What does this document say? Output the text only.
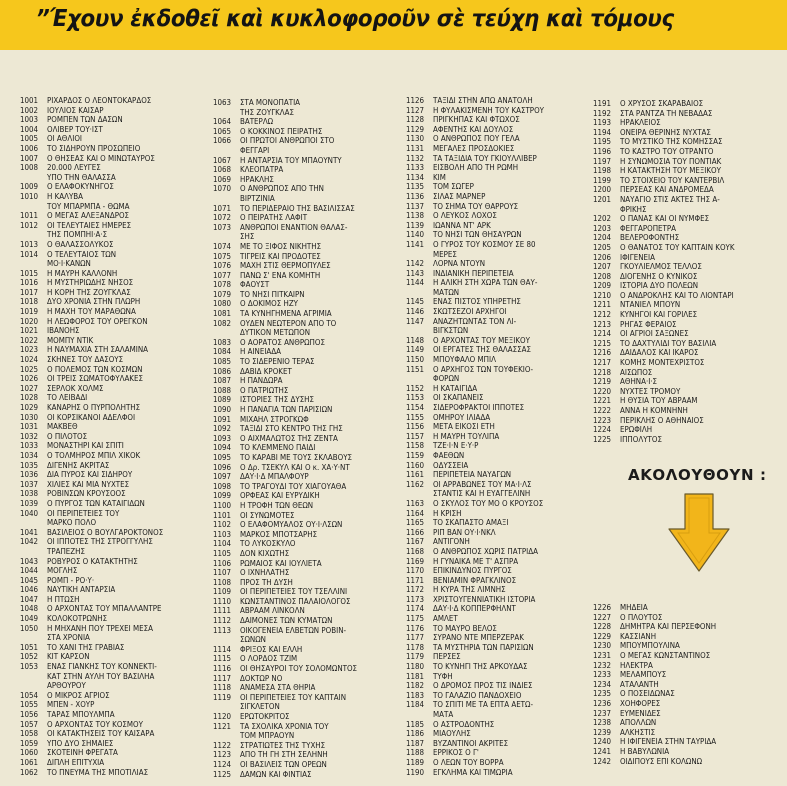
”Έχουν ἐκδοθεῖ καὶ κυκλοφοροῦν σὲ τεύχη καὶ τόμους
1001	ΡΙΧΑΡΔΟΣ Ο ΛΕΟΝΤΟΚΑΡΔΟΣ
1002	ΙΟΥΛΙΟΣ ΚΑΙΣΑΡ
1003	ΡΟΜΠΕΝ ΤΩΝ ΔΑΣΩΝ
1004	ΟΛΙΒΕΡ ΤΟΥ·ΙΣΤ
1005	ΟΙ ΑΘΛΙΟΙ
1006	ΤΟ ΣΙΔΗΡΟΥΝ ΠΡΟΣΩΠΕΙΟ
1007	Ο ΘΗΣΕΑΣ ΚΑΙ Ο ΜΙΝΩΤΑΥΡΟΣ
1008	20.000 ΛΕΥΓΕΣ
ΥΠΟ ΤΗΝ ΘΑΛΑΣΣΑ
1009	Ο ΕΛΑΦΟΚΥΝΗΓΟΣ
1010	Η ΚΑΛΥΒΑ
ΤΟΥ ΜΠΑΡΜΠΑ - ΘΩΜΑ
1011	Ο ΜΕΓΑΣ ΑΛΕΞΑΝΔΡΟΣ
1012	ΟΙ ΤΕΛΕΥΤΑΙΕΣ ΗΜΕΡΕΣ
ΤΗΣ ΠΟΜΠΗΙ·Α·Σ
1013	Ο ΘΑΛΑΣΣΟΛΥΚΟΣ
1014	Ο ΤΕΛΕΥΤΑΙΟΣ ΤΩΝ
ΜΟ·Ι·ΚΑΝΩΝ
1015	Η ΜΑΥΡΗ ΚΑΛΛΟΝΗ
1016	Η ΜΥΣΤΗΡΙΩΔΗΣ ΝΗΣΟΣ
1017	Η ΚΟΡΗ ΤΗΣ ΖΟΥΓΚΛΑΣ
1018	ΔΥΟ ΧΡΟΝΙΑ ΣΤΗΝ ΠΛΩΡΗ
1019	Η ΜΑΧΗ ΤΟΥ ΜΑΡΑΘΩΝΑ
1020	Η ΛΕΩΦΟΡΟΣ ΤΟΥ ΟΡΕΓΚΟΝ
1021	ΙΒΑΝΟΗΣ
1022	ΜΟΜΠΥ ΝΤΙΚ
1023	Η ΝΑΥΜΑΧΙΑ ΣΤΗ ΣΑΛΑΜΙΝΑ
1024	ΣΚΗΝΕΣ ΤΟΥ ΔΑΣΟΥΣ
1025	Ο ΠΟΛΕΜΟΣ ΤΩΝ ΚΟΣΜΩΝ
1026	ΟΙ ΤΡΕΙΣ ΣΩΜΑΤΟΦΥΛΑΚΕΣ
1027	ΣΕΡΛΟΚ ΧΟΛΜΣ
1028	ΤΟ ΛΕΙΒΑΔΙ
1029	ΚΑΝΑΡΗΣ Ο ΠΥΡΠΟΛΗΤΗΣ
1030	ΟΙ ΚΟΡΣΙΚΑΝΟΙ ΑΔΕΛΦΟΙ
1031	ΜΑΚΒΕΘ
1032	Ο ΠΙΛΟΤΟΣ
1033	ΜΟΝΑΣΤΗΡΙ ΚΑΙ ΣΠΙΤΙ
1034	Ο ΤΟΛΜΗΡΟΣ ΜΠΙΛ ΧΙΚΟΚ
1035	ΔΙΓΕΝΗΣ ΑΚΡΙΤΑΣ
1036	ΔΙΑ ΠΥΡΟΣ ΚΑΙ ΣΙΔΗΡΟΥ
1037	ΧΙΛΙΕΣ ΚΑΙ ΜΙΑ ΝΥΧΤΕΣ
1038	ΡΟΒΙΝΣΩΝ ΚΡΟΥΣΟΟΣ
1039	Ο ΠΥΡΓΟΣ ΤΩΝ ΚΑΤΑΙΓΙΔΩΝ
1040	ΟΙ ΠΕΡΙΠΕΤΕΙΕΣ ΤΟΥ
ΜΑΡΚΟ ΠΟΛΟ
1041	ΒΑΣΙΛΕΙΟΣ Ο ΒΟΥΛΓΑΡΟΚΤΟΝΟΣ
1042	ΟΙ ΙΠΠΟΤΕΣ ΤΗΣ ΣΤΡΟΓΓΥΛΗΣ
ΤΡΑΠΕΖΗΣ
1043	ΡΟΒΥΡΟΣ Ο ΚΑΤΑΚΤΗΤΗΣ
1044	ΜΟΓΛΗΣ
1045	ΡΟΜΠ - ΡΟ·Υ·
1046	ΝΑΥΤΙΚΗ ΑΝΤΑΡΣΙΑ
1047	Η ΠΤΩΣΗ
1048	Ο ΑΡΧΟΝΤΑΣ ΤΟΥ ΜΠΑΛΛΑΝΤΡΕ
1049	ΚΟΛΟΚΟΤΡΩΝΗΣ
1050	Η ΜΗΧΑΝΗ ΠΟΥ ΤΡΕΧΕΙ ΜΕΣΑ
ΣΤΑ ΧΡΟΝΙΑ
1051	ΤΟ ΧΑΝΙ ΤΗΣ ΓΡΑΒΙΑΣ
1052	ΚΙΤ ΚΑΡΣΟΝ
1053	ΕΝΑΣ ΓΙΑΝΚΗΣ ΤΟΥ ΚΟΝΝΕΚΤΙ-
ΚΑΤ ΣΤΗΝ ΑΥΛΗ ΤΟΥ ΒΑΣΙΛΗΑ
ΑΡΘΟΥΡΟΥ
1054	Ο ΜΙΚΡΟΣ ΑΓΡΙΟΣ
1055	ΜΠΕΝ - ΧΟΥΡ
1056	ΤΑΡΑΣ ΜΠΟΥΛΜΠΑ
1057	Ο ΑΡΧΟΝΤΑΣ ΤΟΥ ΚΟΣΜΟΥ
1058	ΟΙ ΚΑΤΑΚΤΗΣΕΙΣ ΤΟΥ ΚΑΙΣΑΡΑ
1059	ΥΠΟ ΔΥΟ ΣΗΜΑΙΕΣ
1060	ΣΚΟΤΕΙΝΗ ΦΡΕΓΑΤΑ
1061	ΔΙΠΛΗ ΕΠΙΤΥΧΙΑ
1062	ΤΟ ΠΝΕΥΜΑ ΤΗΣ ΜΠΟΤΙΛΙΑΣ
1063	ΣΤΑ ΜΟΝΟΠΑΤΙΑ
ΤΗΣ ΖΟΥΓΚΛΑΣ
1064	ΒΑΤΕΡΛΩ
1065	Ο ΚΟΚΚΙΝΟΣ ΠΕΙΡΑΤΗΣ
1066	ΟΙ ΠΡΩΤΟΙ ΑΝΘΡΩΠΟΙ ΣΤΟ
ΦΕΓΓΑΡΙ
1067	Η ΑΝΤΑΡΣΙΑ ΤΟΥ ΜΠΑΟΥΝΤΥ
1068	ΚΛΕΟΠΑΤΡΑ
1069	ΗΡΑΚΛΗΣ
1070	Ο ΑΝΘΡΩΠΟΣ ΑΠΟ ΤΗΝ
ΒΙΡΤΖΙΝΙΑ
1071	ΤΟ ΠΕΡΙΔΕΡΑΙΟ ΤΗΣ ΒΑΣΙΛΙΣΣΑΣ
1072	Ο ΠΕΙΡΑΤΗΣ ΛΑΦΙΤ
1073	ΑΝΘΡΩΠΟΙ ΕΝΑΝΤΙΟΝ ΘΑΛΑΣ-
ΣΗΣ
1074	ΜΕ ΤΟ ΞΙΦΟΣ ΝΙΚΗΤΗΣ
1075	ΤΙΓΡΕΙΣ ΚΑΙ ΠΡΟΔΟΤΕΣ
1076	ΜΑΧΗ ΣΤΙΣ ΘΕΡΜΟΠΥΛΕΣ
1077	ΠΑΝΩ Σ' ΕΝΑ ΚΟΜΗΤΗ
1078	ΦΑΟΥΣΤ
1079	ΤΟ ΝΗΣΙ ΠΙΤΚΑΙΡΝ
1080	Ο ΔΟΚΙΜΟΣ ΗΖΥ
1081	ΤΑ ΚΥΝΗΓΗΜΕΝΑ ΑΓΡΙΜΙΑ
1082	ΟΥΔΕΝ ΝΕΩΤΕΡΟΝ ΑΠΟ ΤΟ
ΔΥΤΙΚΟΝ ΜΕΤΩΠΟΝ
1083	Ο ΑΟΡΑΤΟΣ ΑΝΘΡΩΠΟΣ
1084	Η ΑΙΝΕΙΑΔΑ
1085	ΤΟ ΣΙΔΕΡΕΝΙΟ ΤΕΡΑΣ
1086	ΔΑΒΙΔ ΚΡΟΚΕΤ
1087	Η ΠΑΝΔΩΡΑ
1088	Ο ΠΑΤΡΙΩΤΗΣ
1089	ΙΣΤΟΡΙΕΣ ΤΗΣ ΔΥΣΗΣ
1090	Η ΠΑΝΑΓΙΑ ΤΩΝ ΠΑΡΙΣΙΩΝ
1091	ΜΙΧΑΗΛ ΣΤΡΟΓΚΩΦ
1092	ΤΑΞΙΔΙ ΣΤΟ ΚΕΝΤΡΟ ΤΗΣ ΓΗΣ
1093	Ο ΑΙΧΜΑΛΩΤΟΣ ΤΗΣ ΖΕΝΤΑ
1094	ΤΟ ΚΛΕΜΜΕΝΟ ΠΑΙΔΙ
1095	ΤΟ ΚΑΡΑΒΙ ΜΕ ΤΟΥΣ ΣΚΛΑΒΟΥΣ
1096	Ο Δρ. ΤΣΕΚΥΛ ΚΑΙ Ο κ. ΧΑ·Υ·ΝΤ
1097	ΔΑΥ·Ι·Δ ΜΠΑΛΦΟΥΡ
1098	ΤΟ ΤΡΑΓΟΥΔΙ ΤΟΥ ΧΙΑΓΟΥΑΘΑ
1099	ΟΡΦΕΑΣ ΚΑΙ ΕΥΡΥΔΙΚΗ
1100	Η ΤΡΟΦΗ ΤΩΝ ΘΕΩΝ
1101	ΟΙ ΣΥΝΩΜΟΤΕΣ
1102	Ο ΕΛΑΦΟΜΥΑΛΟΣ ΟΥ·Ι·ΛΣΩΝ
1103	ΜΑΡΚΟΣ ΜΠΟΤΣΑΡΗΣ
1104	ΤΟ ΛΥΚΟΣΚΥΛΟ
1105	ΔΟΝ ΚΙΧΩΤΗΣ
1106	ΡΩΜΑΙΟΣ ΚΑΙ ΙΟΥΛΙΕΤΑ
1107	Ο ΙΧΝΗΛΑΤΗΣ
1108	ΠΡΟΣ ΤΗ ΔΥΣΗ
1109	ΟΙ ΠΕΡΙΠΕΤΕΙΕΣ ΤΟΥ ΤΣΕΛΛΙΝΙ
1110	ΚΩΝΣΤΑΝΤΙΝΟΣ ΠΑΛΑΙΟΛΟΓΟΣ
1111	ΑΒΡΑΑΜ ΛΙΝΚΟΛΝ
1112	ΔΑΙΜΟΝΕΣ ΤΩΝ ΚΥΜΑΤΩΝ
1113	ΟΙΚΟΓΕΝΕΙΑ ΕΛΒΕΤΩΝ ΡΟΒΙΝ-
ΣΩΝΩΝ
1114	ΦΡΙΞΟΣ ΚΑΙ ΕΛΛΗ
1115	Ο ΛΟΡΔΟΣ ΤΖΙΜ
1116	ΟΙ ΘΗΣΑΥΡΟΙ ΤΟΥ ΣΟΛΟΜΩΝΤΟΣ
1117	ΔΟΚΤΩΡ ΝΟ
1118	ΑΝΑΜΕΣΑ ΣΤΑ ΘΗΡΙΑ
1119	ΟΙ ΠΕΡΙΠΕΤΕΙΕΣ ΤΟΥ ΚΑΠΤΑΙΝ
ΣΙΓΚΛΕΤΟΝ
1120	ΕΡΩΤΟΚΡΙΤΟΣ
1121	ΤΑ ΣΧΟΛΙΚΑ ΧΡΟΝΙΑ ΤΟΥ
ΤΟΜ ΜΠΡΑΟΥΝ
1122	ΣΤΡΑΤΙΩΤΕΣ ΤΗΣ ΤΥΧΗΣ
1123	ΑΠΟ ΤΗ ΓΗ ΣΤΗ ΣΕΛΗΝΗ
1124	ΟΙ ΒΑΣΙΛΕΙΣ ΤΩΝ ΟΡΕΩΝ
1125	ΔΑΜΩΝ ΚΑΙ ΦΙΝΤΙΑΣ
1126	ΤΑΞΙΔΙ ΣΤΗΝ ΑΠΩ ΑΝΑΤΟΛΗ
1127	Η ΦΥΛΑΚΙΣΜΕΝΗ ΤΟΥ ΚΑΣΤΡΟΥ
1128	ΠΡΙΓΚΗΠΑΣ ΚΑΙ ΦΤΩΧΟΣ
1129	ΑΦΕΝΤΗΣ ΚΑΙ ΔΟΥΛΟΣ
1130	Ο ΑΝΘΡΩΠΟΣ ΠΟΥ ΓΕΛΑ
1131	ΜΕΓΑΛΕΣ ΠΡΟΣΔΟΚΙΕΣ
1132	ΤΑ ΤΑΞΙΔΙΑ ΤΟΥ ΓΚΙΟΥΛΛΙΒΕΡ
1133	ΕΙΣΒΟΛΗ ΑΠΟ ΤΗ ΡΩΜΗ
1134	ΚΙΜ
1135	ΤΟΜ ΣΩΓΕΡ
1136	ΣΙΛΑΣ ΜΑΡΝΕΡ
1137	ΤΟ ΣΗΜΑ ΤΟΥ ΘΑΡΡΟΥΣ
1138	Ο ΛΕΥΚΟΣ ΛΟΧΟΣ
1139	ΙΩΑΝΝΑ ΝΤ' ΑΡΚ
1140	ΤΟ ΝΗΣΙ ΤΩΝ ΘΗΣΑΥΡΩΝ
1141	Ο ΓΥΡΟΣ ΤΟΥ ΚΟΣΜΟΥ ΣΕ 80
ΜΕΡΕΣ
1142	ΛΟΡΝΑ ΝΤΟΥΝ
1143	ΙΝΔΙΑΝΙΚΗ ΠΕΡΙΠΕΤΕΙΑ
1144	Η ΑΛΙΚΗ ΣΤΗ ΧΩΡΑ ΤΩΝ ΘΑΥ-
ΜΑΤΩΝ
1145	ΕΝΑΣ ΠΙΣΤΟΣ ΥΠΗΡΕΤΗΣ
1146	ΣΚΩΤΣΕΖΟΙ ΑΡΧΗΓΟΙ
1147	ΑΝΑΖΗΤΩΝΤΑΣ ΤΟΝ ΛΙ-
ΒΙΓΚΣΤΩΝ
1148	Ο ΑΡΧΟΝΤΑΣ ΤΟΥ ΜΕΞΙΚΟΥ
1149	ΟΙ ΕΡΓΑΤΕΣ ΤΗΣ ΘΑΛΑΣΣΑΣ
1150	ΜΠΟΥΦΑΛΟ ΜΠΙΛ
1151	Ο ΑΡΧΗΓΟΣ ΤΩΝ ΤΟΥΦΕΚΙΟ-
ΦΟΡΩΝ
1152	Η ΚΑΤΑΙΓΙΔΑ
1153	ΟΙ ΣΚΑΠΑΝΕΙΣ
1154	ΣΙΔΕΡΟΦΡΑΚΤΟΙ ΙΠΠΟΤΕΣ
1155	ΟΜΗΡΟΥ ΙΛΙΑΔΑ
1156	ΜΕΤΑ ΕΙΚΟΣΙ ΕΤΗ
1157	Η ΜΑΥΡΗ ΤΟΥΛΙΠΑ
1158	ΤΖΕ·Ι·Ν Ε·Υ·Ρ
1159	ΦΑΕΘΩΝ
1160	ΟΔΥΣΣΕΙΑ
1161	ΠΕΡΙΠΕΤΕΙΑ ΝΑΥΑΓΩΝ
1162	ΟΙ ΑΡΡΑΒΩΝΕΣ ΤΟΥ ΜΑ·Ι·ΛΣ
ΣΤΑΝΤΙΣ ΚΑΙ Η ΕΥΑΓΓΕΛΙΝΗ
1163	Ο ΣΚΥΛΟΣ ΤΟΥ ΜΟ Ο ΚΡΟΥΣΟΣ
1164	Η ΚΡΙΣΗ
1165	ΤΟ ΣΚΑΠΑΣΤΟ ΑΜΑΞΙ
1166	ΡΙΠ ΒΑΝ ΟΥ·Ι·ΝΚΛ
1167	ΑΝΤΙΓΟΝΗ
1168	Ο ΑΝΘΡΩΠΟΣ ΧΩΡΙΣ ΠΑΤΡΙΔΑ
1169	Η ΓΥΝΑΙΚΑ ΜΕ Τ' ΑΣΠΡΑ
1170	ΕΠΙΚΙΝΔΥΝΟΣ ΠΥΡΓΟΣ
1171	ΒΕΝΙΑΜΙΝ ΦΡΑΓΚΛΙΝΟΣ
1172	Η ΚΥΡΑ ΤΗΣ ΛΙΜΝΗΣ
1173	ΧΡΙΣΤΟΥΓΕΝΝΙΑΤΙΚΗ ΙΣΤΟΡΙΑ
1174	ΔΑΥ·Ι·Δ ΚΟΠΠΕΡΦΗΛΝΤ
1175	ΑΜΛΕΤ
1176	ΤΟ ΜΑΥΡΟ ΒΕΛΟΣ
1177	ΣΥΡΑΝΟ ΝΤΕ ΜΠΕΡΖΕΡΑΚ
1178	ΤΑ ΜΥΣΤΗΡΙΑ ΤΩΝ ΠΑΡΙΣΙΩΝ
1179	ΠΕΡΣΕΣ
1180	ΤΟ ΚΥΝΗΓΙ ΤΗΣ ΑΡΚΟΥΔΑΣ
1181	ΤΥΦΗ
1182	Ο ΔΡΟΜΟΣ ΠΡΟΣ ΤΙΣ ΙΝΔΙΕΣ
1183	ΤΟ ΓΑΛΑΖΙΟ ΠΑΝΔΟΧΕΙΟ
1184	ΤΟ ΣΠΙΤΙ ΜΕ ΤΑ ΕΠΤΑ ΑΕΤΩ-
ΜΑΤΑ
1185	Ο ΑΣΤΡΟΔΟΝΤΗΣ
1186	ΜΙΑΟΥΛΗΣ
1187	ΒΥΖΑΝΤΙΝΟΙ ΑΚΡΙΤΕΣ
1188	ΕΡΡΙΚΟΣ Ο Γ'
1189	Ο ΛΕΩΝ ΤΟΥ ΒΟΡΡΑ
1190	ΕΓΚΛΗΜΑ ΚΑΙ ΤΙΜΩΡΙΑ
1191	Ο ΧΡΥΣΟΣ ΣΚΑΡΑΒΑΙΟΣ
1192	ΣΤΑ ΡΑΝΤΖΑ ΤΗ ΝΕΒΑΔΑΣ
1193	ΗΡΑΚΛΕΙΟΣ
1194	ΟΝΕΙΡΑ ΘΕΡΙΝΗΣ ΝΥΧΤΑΣ
1195	ΤΟ ΜΥΣΤΙΚΟ ΤΗΣ ΚΟΜΗΣΣΑΣ
1196	ΤΟ ΚΑΣΤΡΟ ΤΟΥ ΟΤΡΑΝΤΟ
1197	Η ΣΥΝΩΜΟΣΙΑ ΤΟΥ ΠΟΝΤΙΑΚ
1198	Η ΚΑΤΑΚΤΗΣΗ ΤΟΥ ΜΕΞΙΚΟΥ
1199	ΤΟ ΣΤΟΙΧΕΙΟ ΤΟΥ ΚΑΝΤΕΡΒΙΛ
1200	ΠΕΡΣΕΑΣ ΚΑΙ ΑΝΔΡΟΜΕΔΑ
1201	ΝΑΥΑΓΙΟ ΣΤΙΣ ΑΚΤΕΣ ΤΗΣ Α-
ΦΡΙΚΗΣ
1202	Ο ΠΑΝΑΣ ΚΑΙ ΟΙ ΝΥΜΦΕΣ
1203	ΦΕΓΓΑΡΟΠΕΤΡΑ
1204	ΒΕΛΕΡΟΦΟΝΤΗΣ
1205	Ο ΘΑΝΑΤΟΣ ΤΟΥ ΚΑΠΤΑΙΝ ΚΟΥΚ
1206	ΙΦΙΓΕΝΕΙΑ
1207	ΓΚΟΥΛΙΕΛΜΟΣ ΤΕΛΛΟΣ
1208	ΔΙΟΓΕΝΗΣ Ο ΚΥΝΙΚΟΣ
1209	ΙΣΤΟΡΙΑ ΔΥΟ ΠΟΛΕΩΝ
1210	Ο ΑΝΔΡΟΚΛΗΣ ΚΑΙ ΤΟ ΛΙΟΝΤΑΡΙ
1211	ΝΤΑΝΙΕΛ ΜΠΟΥΝ
1212	ΚΥΝΗΓΟΙ ΚΑΙ ΓΟΡΙΛΕΣ
1213	ΡΗΓΑΣ ΦΕΡΑΙΟΣ
1214	ΟΙ ΑΓΡΙΟΙ ΣΑΞΩΝΕΣ
1215	ΤΟ ΔΑΧΤΥΛΙΔΙ ΤΟΥ ΒΑΣΙΛΙΑ
1216	ΔΑΙΔΑΛΟΣ ΚΑΙ ΙΚΑΡΟΣ
1217	ΚΟΜΗΣ ΜΟΝΤΕΧΡΙΣΤΟΣ
1218	ΑΙΣΩΠΟΣ
1219	ΑΘΗΝΑ·Ι·Σ
1220	ΝΥΧΤΕΣ ΤΡΟΜΟΥ
1221	Η ΘΥΣΙΑ ΤΟΥ ΑΒΡΑΑΜ
1222	ΑΝΝΑ Η ΚΟΜΝΗΝΗ
1223	ΠΕΡΙΚΛΗΣ Ο ΑΘΗΝΑΙΟΣ
1224	ΕΡΩΦΙΛΗ
1225	ΙΠΠΟΛΥΤΟΣ
1226	ΜΗΔΕΙΑ
1227	Ο ΠΛΟΥΤΟΣ
1228	ΔΗΜΗΤΡΑ ΚΑΙ ΠΕΡΣΕΦΟΝΗ
1229	ΚΑΣΣΙΑΝΗ
1230	ΜΠΟΥΜΠΟΥΛΙΝΑ
1231	Ο ΜΕΓΑΣ ΚΩΝΣΤΑΝΤΙΝΟΣ
1232	ΗΛΕΚΤΡΑ
1233	ΜΕΛΑΜΠΟΥΣ
1234	ΑΤΑΛΑΝΤΗ
1235	Ο ΠΟΣΕΙΔΩΝΑΣ
1236	ΧΟΗΦΟΡΕΣ
1237	ΕΥΜΕΝΙΔΕΣ
1238	ΑΠΟΛΛΩΝ
1239	ΑΛΚΗΣΤΙΣ
1240	Η ΙΦΙΓΕΝΕΙΑ ΣΤΗΝ ΤΑΥΡΙΔΑ
1241	Η ΒΑΒΥΛΩΝΙΑ
1242	ΟΙΔΙΠΟΥΣ ΕΠΙ ΚΟΛΩΝΩ
ΑΚΟΛΟΥΘΟΥΝ :
